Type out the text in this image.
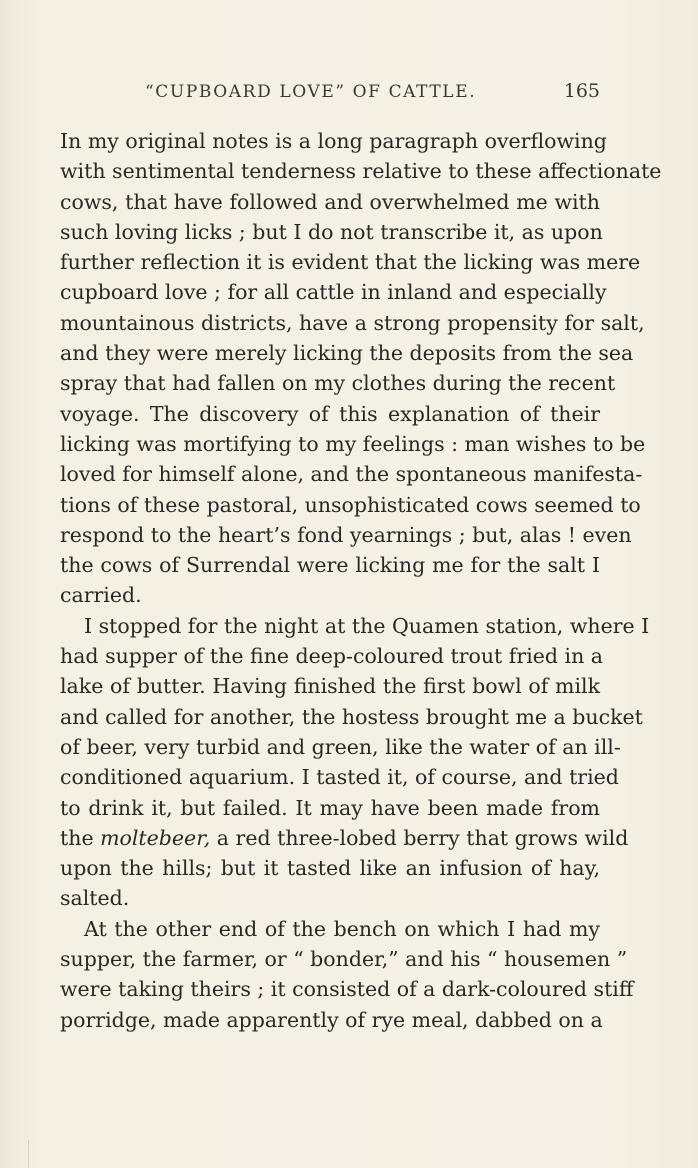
“CUPBOARD LOVE” OF CATTLE.	165
In my original notes is a long paragraph overflowing
with sentimental tenderness relative to these affectionate
cows, that have followed and overwhelmed me with
such loving licks ; but I do not transcribe it, as upon
further reflection it is evident that the licking was mere
cupboard love ; for all cattle in inland and especially
mountainous districts, have a strong propensity for salt,
and they were merely licking the deposits from the sea
spray that had fallen on my clothes during the recent
voyage. The discovery of this explanation of their
licking was mortifying to my feelings : man wishes to be
loved for himself alone, and the spontaneous manifesta-
tions of these pastoral, unsophisticated cows seemed to
respond to the heart’s fond yearnings ; but, alas ! even
the cows of Surrendal were licking me for the salt I
carried.
I stopped for the night at the Quamen station, where I
had supper of the fine deep-coloured trout fried in a
lake of butter. Having finished the first bowl of milk
and called for another, the hostess brought me a bucket
of beer, very turbid and green, like the water of an ill-
conditioned aquarium. I tasted it, of course, and tried
to drink it, but failed. It may have been made from
the moltebeer, a red three-lobed berry that grows wild
upon the hills; but it tasted like an infusion of hay,
salted.
At the other end of the bench on which I had my
supper, the farmer, or “ bonder,” and his “ housemen ”
were taking theirs ; it consisted of a dark-coloured stiff
porridge, made apparently of rye meal, dabbed on a
